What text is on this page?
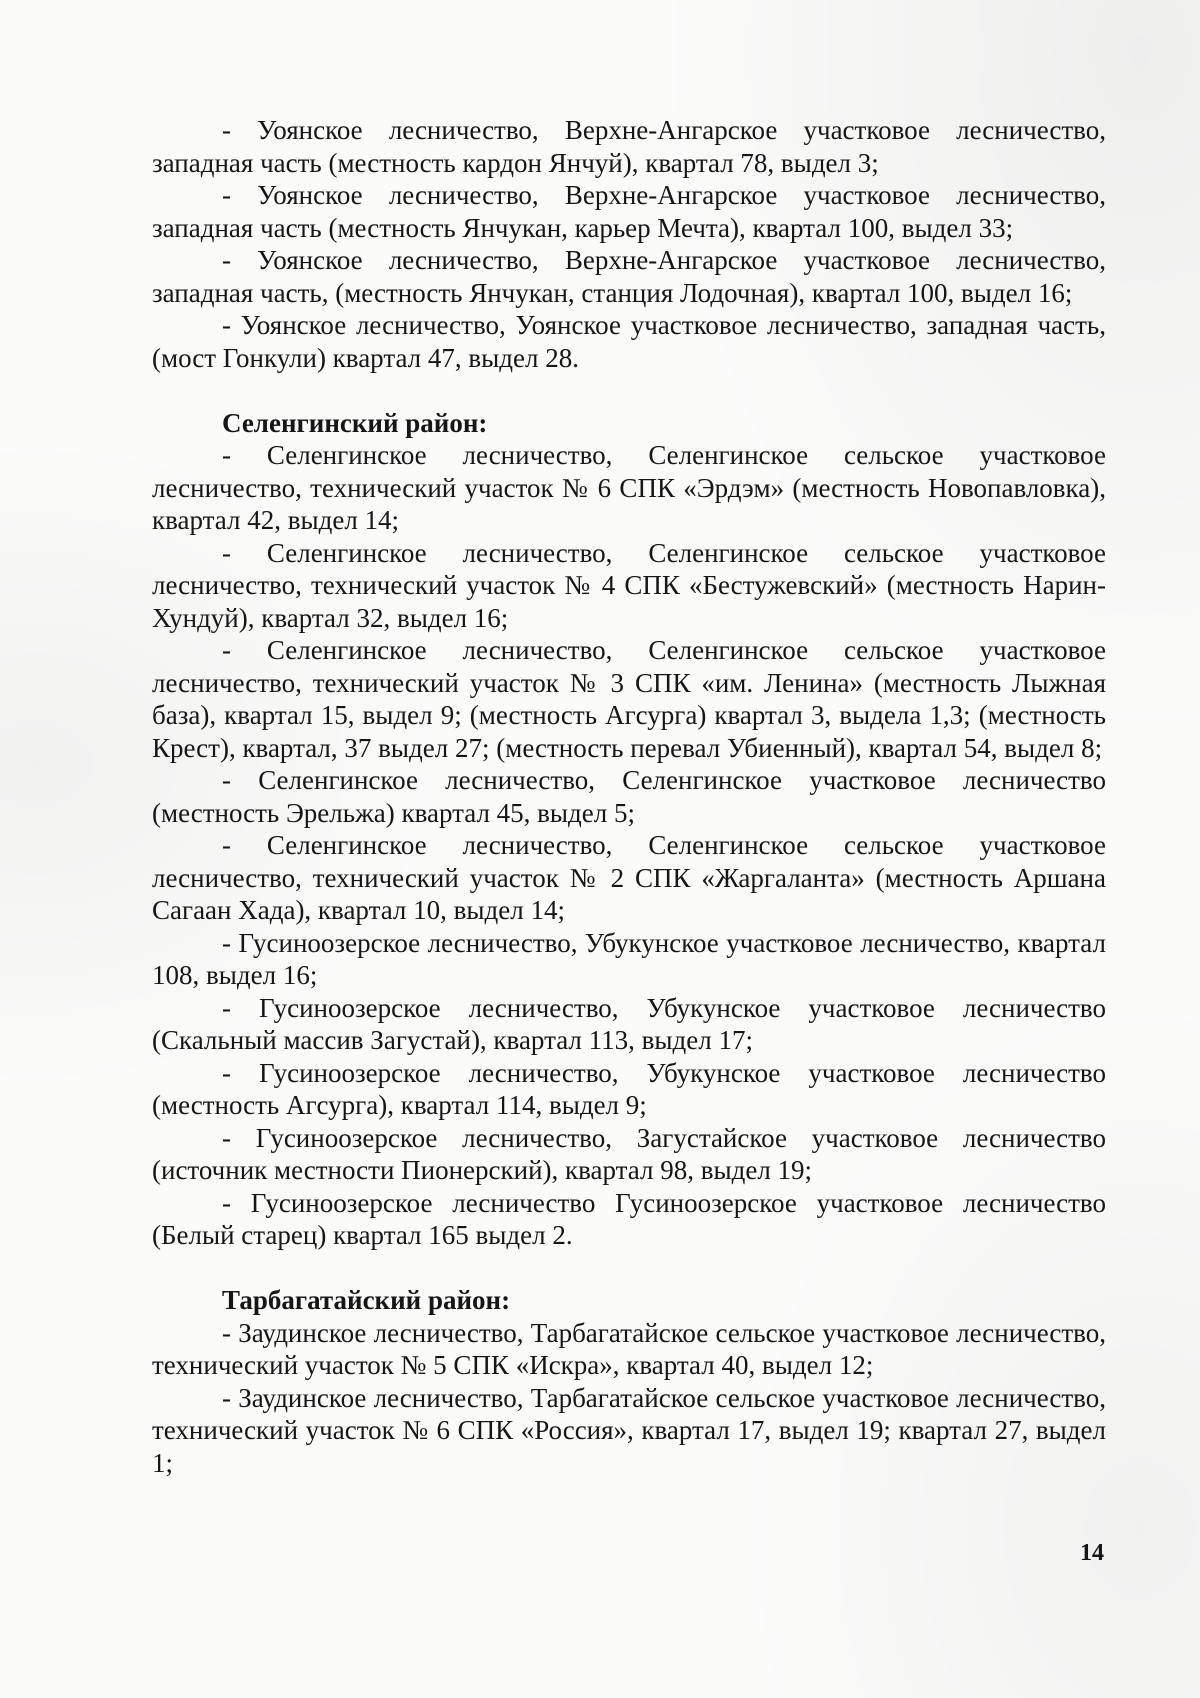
- Уоянское лесничество, Верхне-Ангарское участковое лесничество, западная часть (местность кардон Янчуй), квартал 78, выдел 3;

- Уоянское лесничество, Верхне-Ангарское участковое лесничество, западная часть (местность Янчукан, карьер Мечта), квартал 100, выдел 33;

- Уоянское лесничество, Верхне-Ангарское участковое лесничество, западная часть, (местность Янчукан, станция Лодочная), квартал 100, выдел 16;

- Уоянское лесничество, Уоянское участковое лесничество, западная часть, (мост Гонкули) квартал 47, выдел 28.

Селенгинский район:

- Селенгинское лесничество, Селенгинское сельское участковое лесничество, технический участок № 6 СПК «Эрдэм» (местность Новопавловка), квартал 42, выдел 14;

- Селенгинское лесничество, Селенгинское сельское участковое лесничество, технический участок № 4 СПК «Бестужевский» (местность Нарин-Хундуй), квартал 32, выдел 16;

- Селенгинское лесничество, Селенгинское сельское участковое лесничество, технический участок № 3 СПК «им. Ленина» (местность Лыжная база), квартал 15, выдел 9; (местность Агсурга) квартал 3, выдела 1,3; (местность Крест), квартал, 37 выдел 27; (местность перевал Убиенный), квартал 54, выдел 8;

- Селенгинское лесничество, Селенгинское участковое лесничество (местность Эрельжа) квартал 45, выдел 5;

- Селенгинское лесничество, Селенгинское сельское участковое лесничество, технический участок № 2 СПК «Жаргаланта» (местность Аршана Сагаан Хада), квартал 10, выдел 14;

- Гусиноозерское лесничество, Убукунское участковое лесничество, квартал 108, выдел 16;

- Гусиноозерское лесничество, Убукунское участковое лесничество (Скальный массив Загустай), квартал 113, выдел 17;

- Гусиноозерское лесничество, Убукунское участковое лесничество (местность Агсурга), квартал 114, выдел 9;

- Гусиноозерское лесничество, Загустайское участковое лесничество (источник местности Пионерский), квартал 98, выдел 19;

- Гусиноозерское лесничество Гусиноозерское участковое лесничество (Белый старец) квартал 165 выдел 2.

Тарбагатайский район:

- Заудинское лесничество, Тарбагатайское сельское участковое лесничество, технический участок № 5 СПК «Искра», квартал 40, выдел 12;

- Заудинское лесничество, Тарбагатайское сельское участковое лесничество, технический участок № 6 СПК «Россия», квартал 17, выдел 19; квартал 27, выдел 1;

14
